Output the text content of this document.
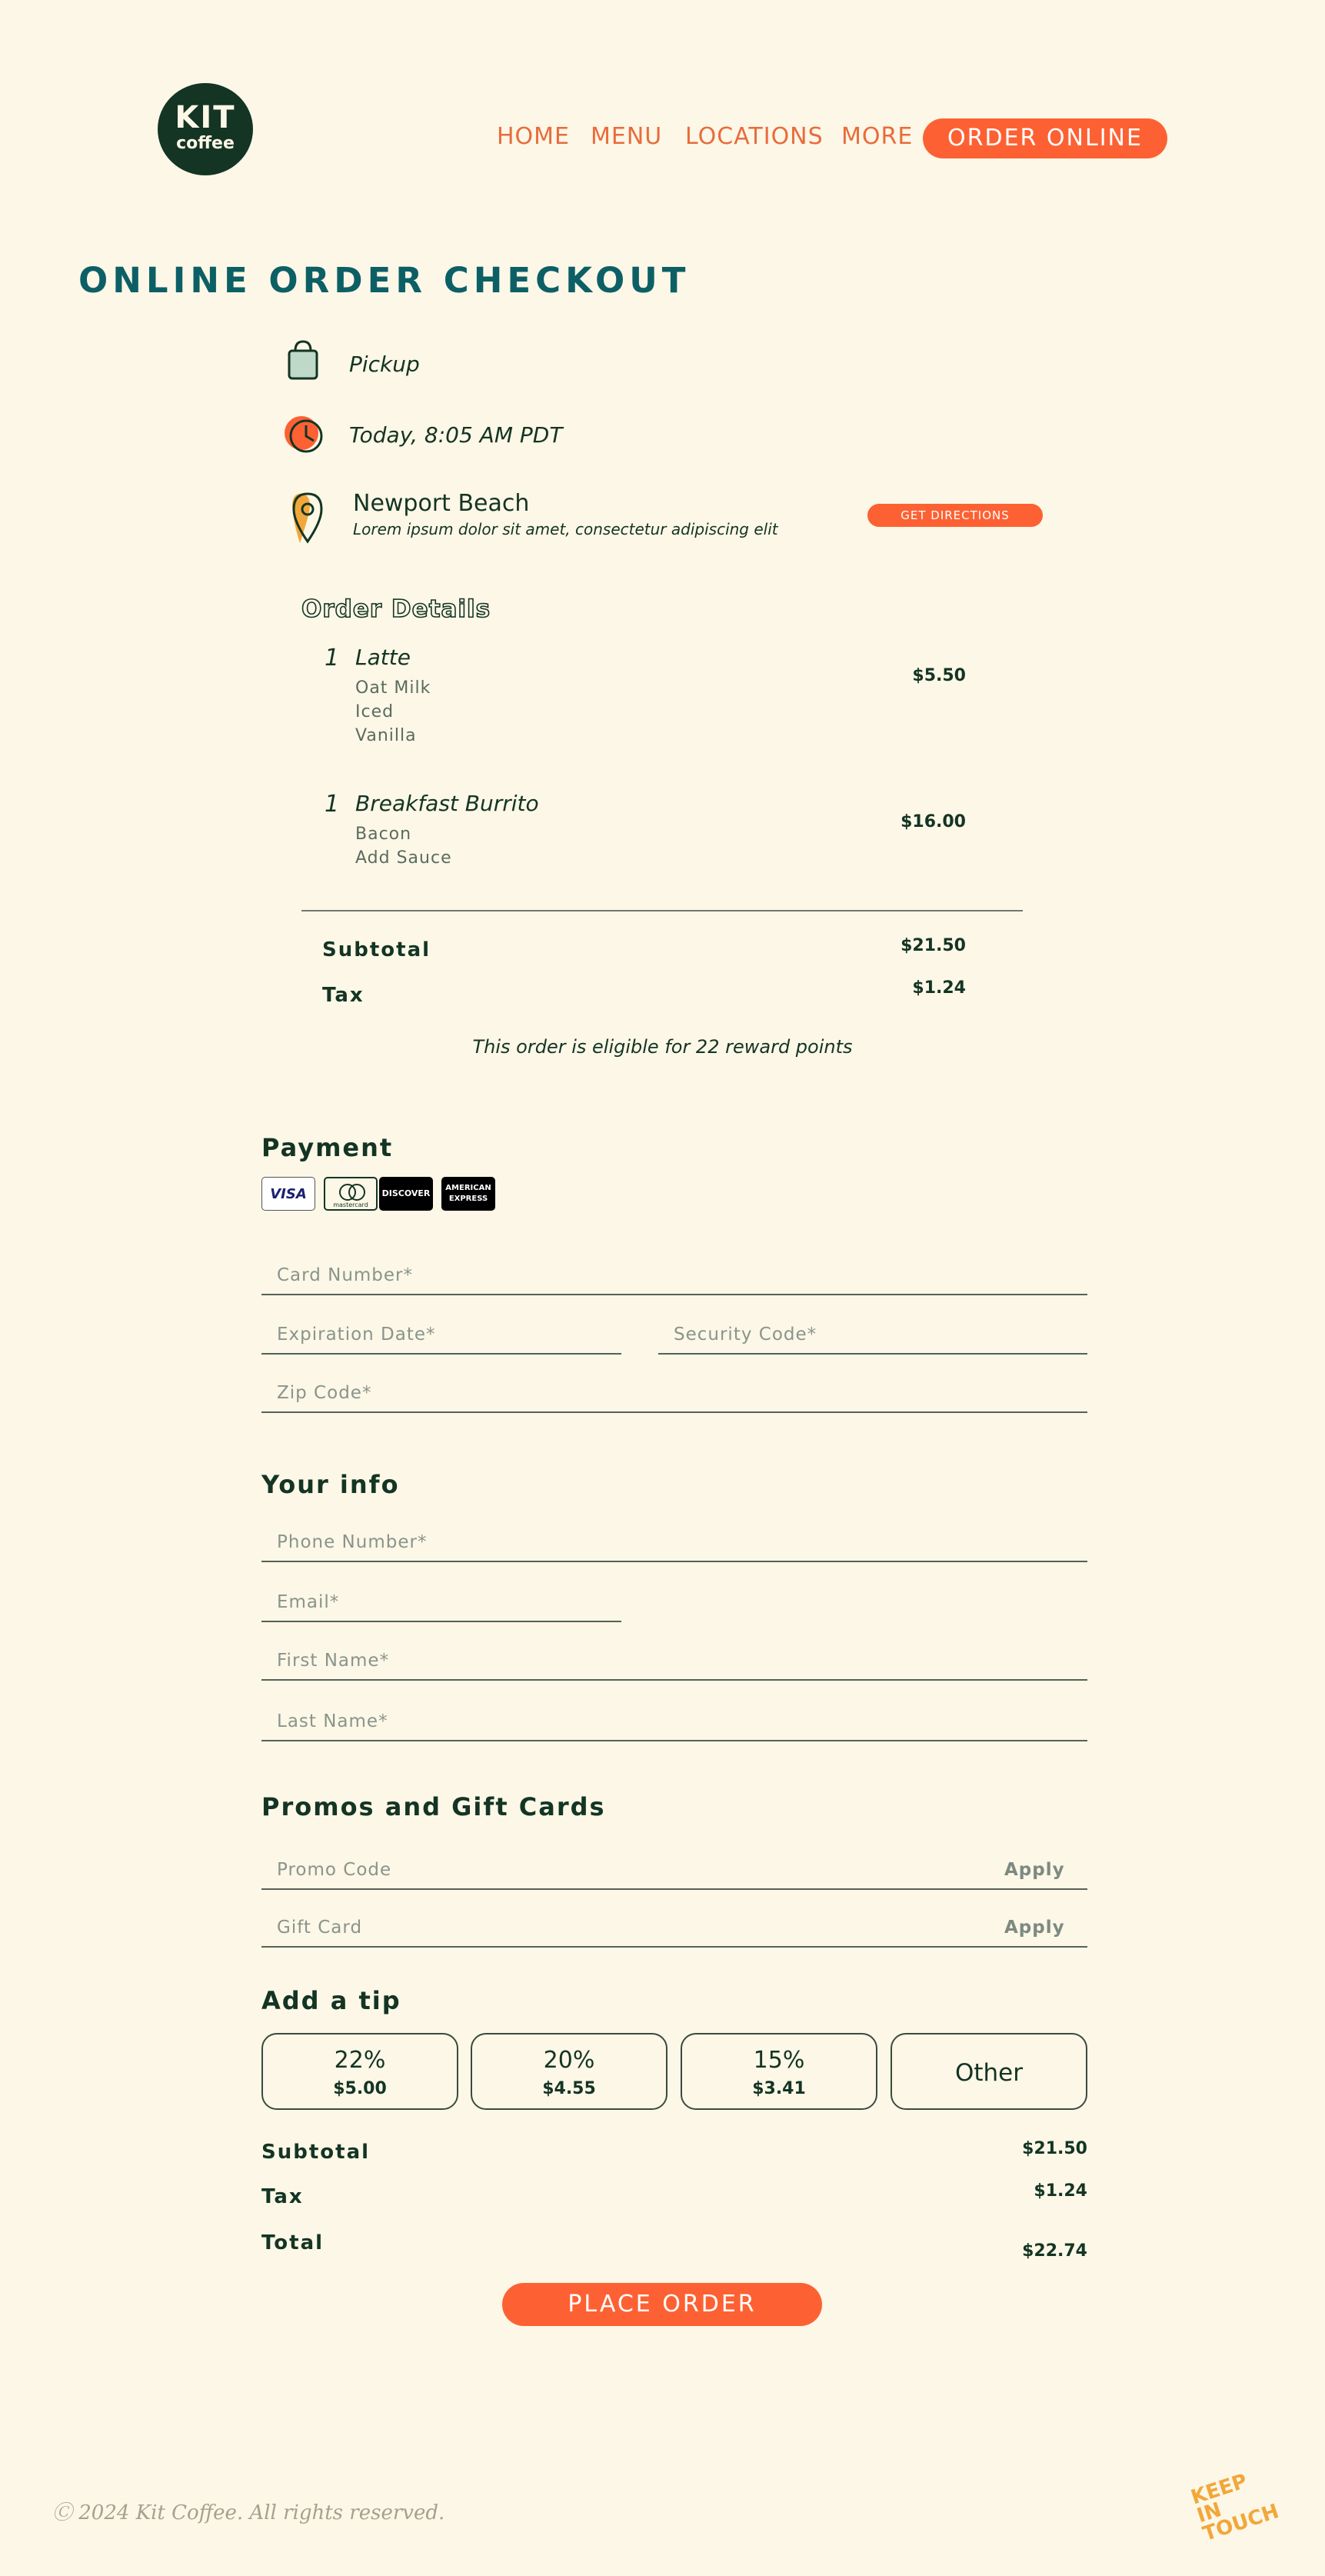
KIT
coffee	HOME MENU LOCATIONS MORE	ORDER ONLINE
ONLINE ORDER CHECKOUT
Pickup
Today, 8:05 AM PDT
Newport Beach
Lorem ipsum dolor sit amet, consectetur adipiscing elit
GET DIRECTIONS
Order Details
1 Latte
$5.50
Oat Milk
Iced
Vanilla
1 Breakfast Burrito
$16.00
Bacon
Add Sauce
Subtotal	$21.50
Tax	$1.24
This order is eligible for 22 reward points
Payment
VISA
mastercard
DISCOVER
AMERICAN EXPRESS
Card Number*
Expiration Date*
Security Code*
Zip Code*
Your info
Phone Number*
Email*
First Name*
Last Name*
Promos and Gift Cards
Promo Code
Apply
Gift Card
Apply
Add a tip
22%
$5.00
20%
$4.55
15%
$3.41
Other
Subtotal	$21.50
Tax	$1.24
Total	$22.74
PLACE ORDER
Ⓒ 2024 Kit Coffee. All rights reserved.
KEEP IN TOUCH
